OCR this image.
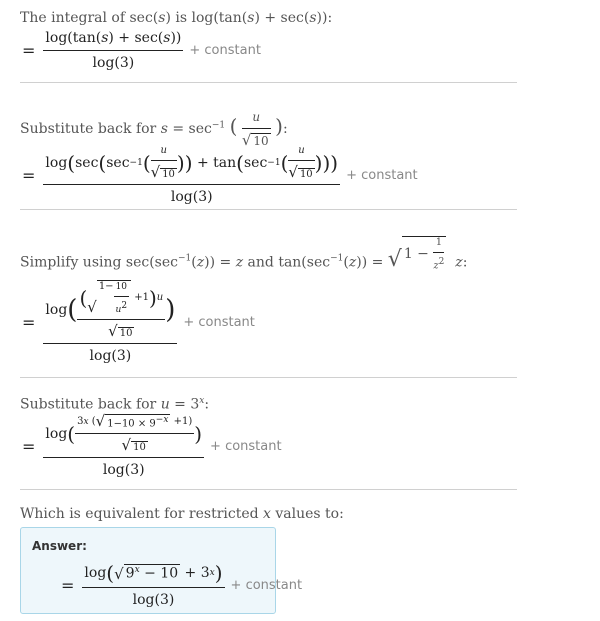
The integral of sec(s) is log(tan(s) + sec(s)):
= $\frac{\log(\tan( s ) + \sec( s ))}{\log(3)}$ + constant
Substitute back for $s = \sec^{-1}$ ( $\frac{u}{√ 10}$ ):
=
log ( sec ( sec −1 ( $\frac{u}{√ 10}$ )) + tan ( sec −1 ( $\frac{u}{√ 10}$ )))
log(3)
+ constant
Simplify using $\sec(\sec^{-1}(z)) = z$ and $\tan(\sec^{-1}(z))$ = √ $1 - \frac{1}{z2} z$:
=
log ( ( √
$1- \frac{10}{u2} +1$ ) u
√ 10 )
log(3)
+ constant
Substitute back for $u = 3^x$:
=
log ( $\frac{3 x ( √ 1-10 \times 9-x +1)}{√ 10}$ )
log(3)
+ constant
Which is equivalent for restricted x values to:
Answer:
= $\frac{\log ( √ 9^x - 10 + 3 x )}{\log(3)}$ + constant
